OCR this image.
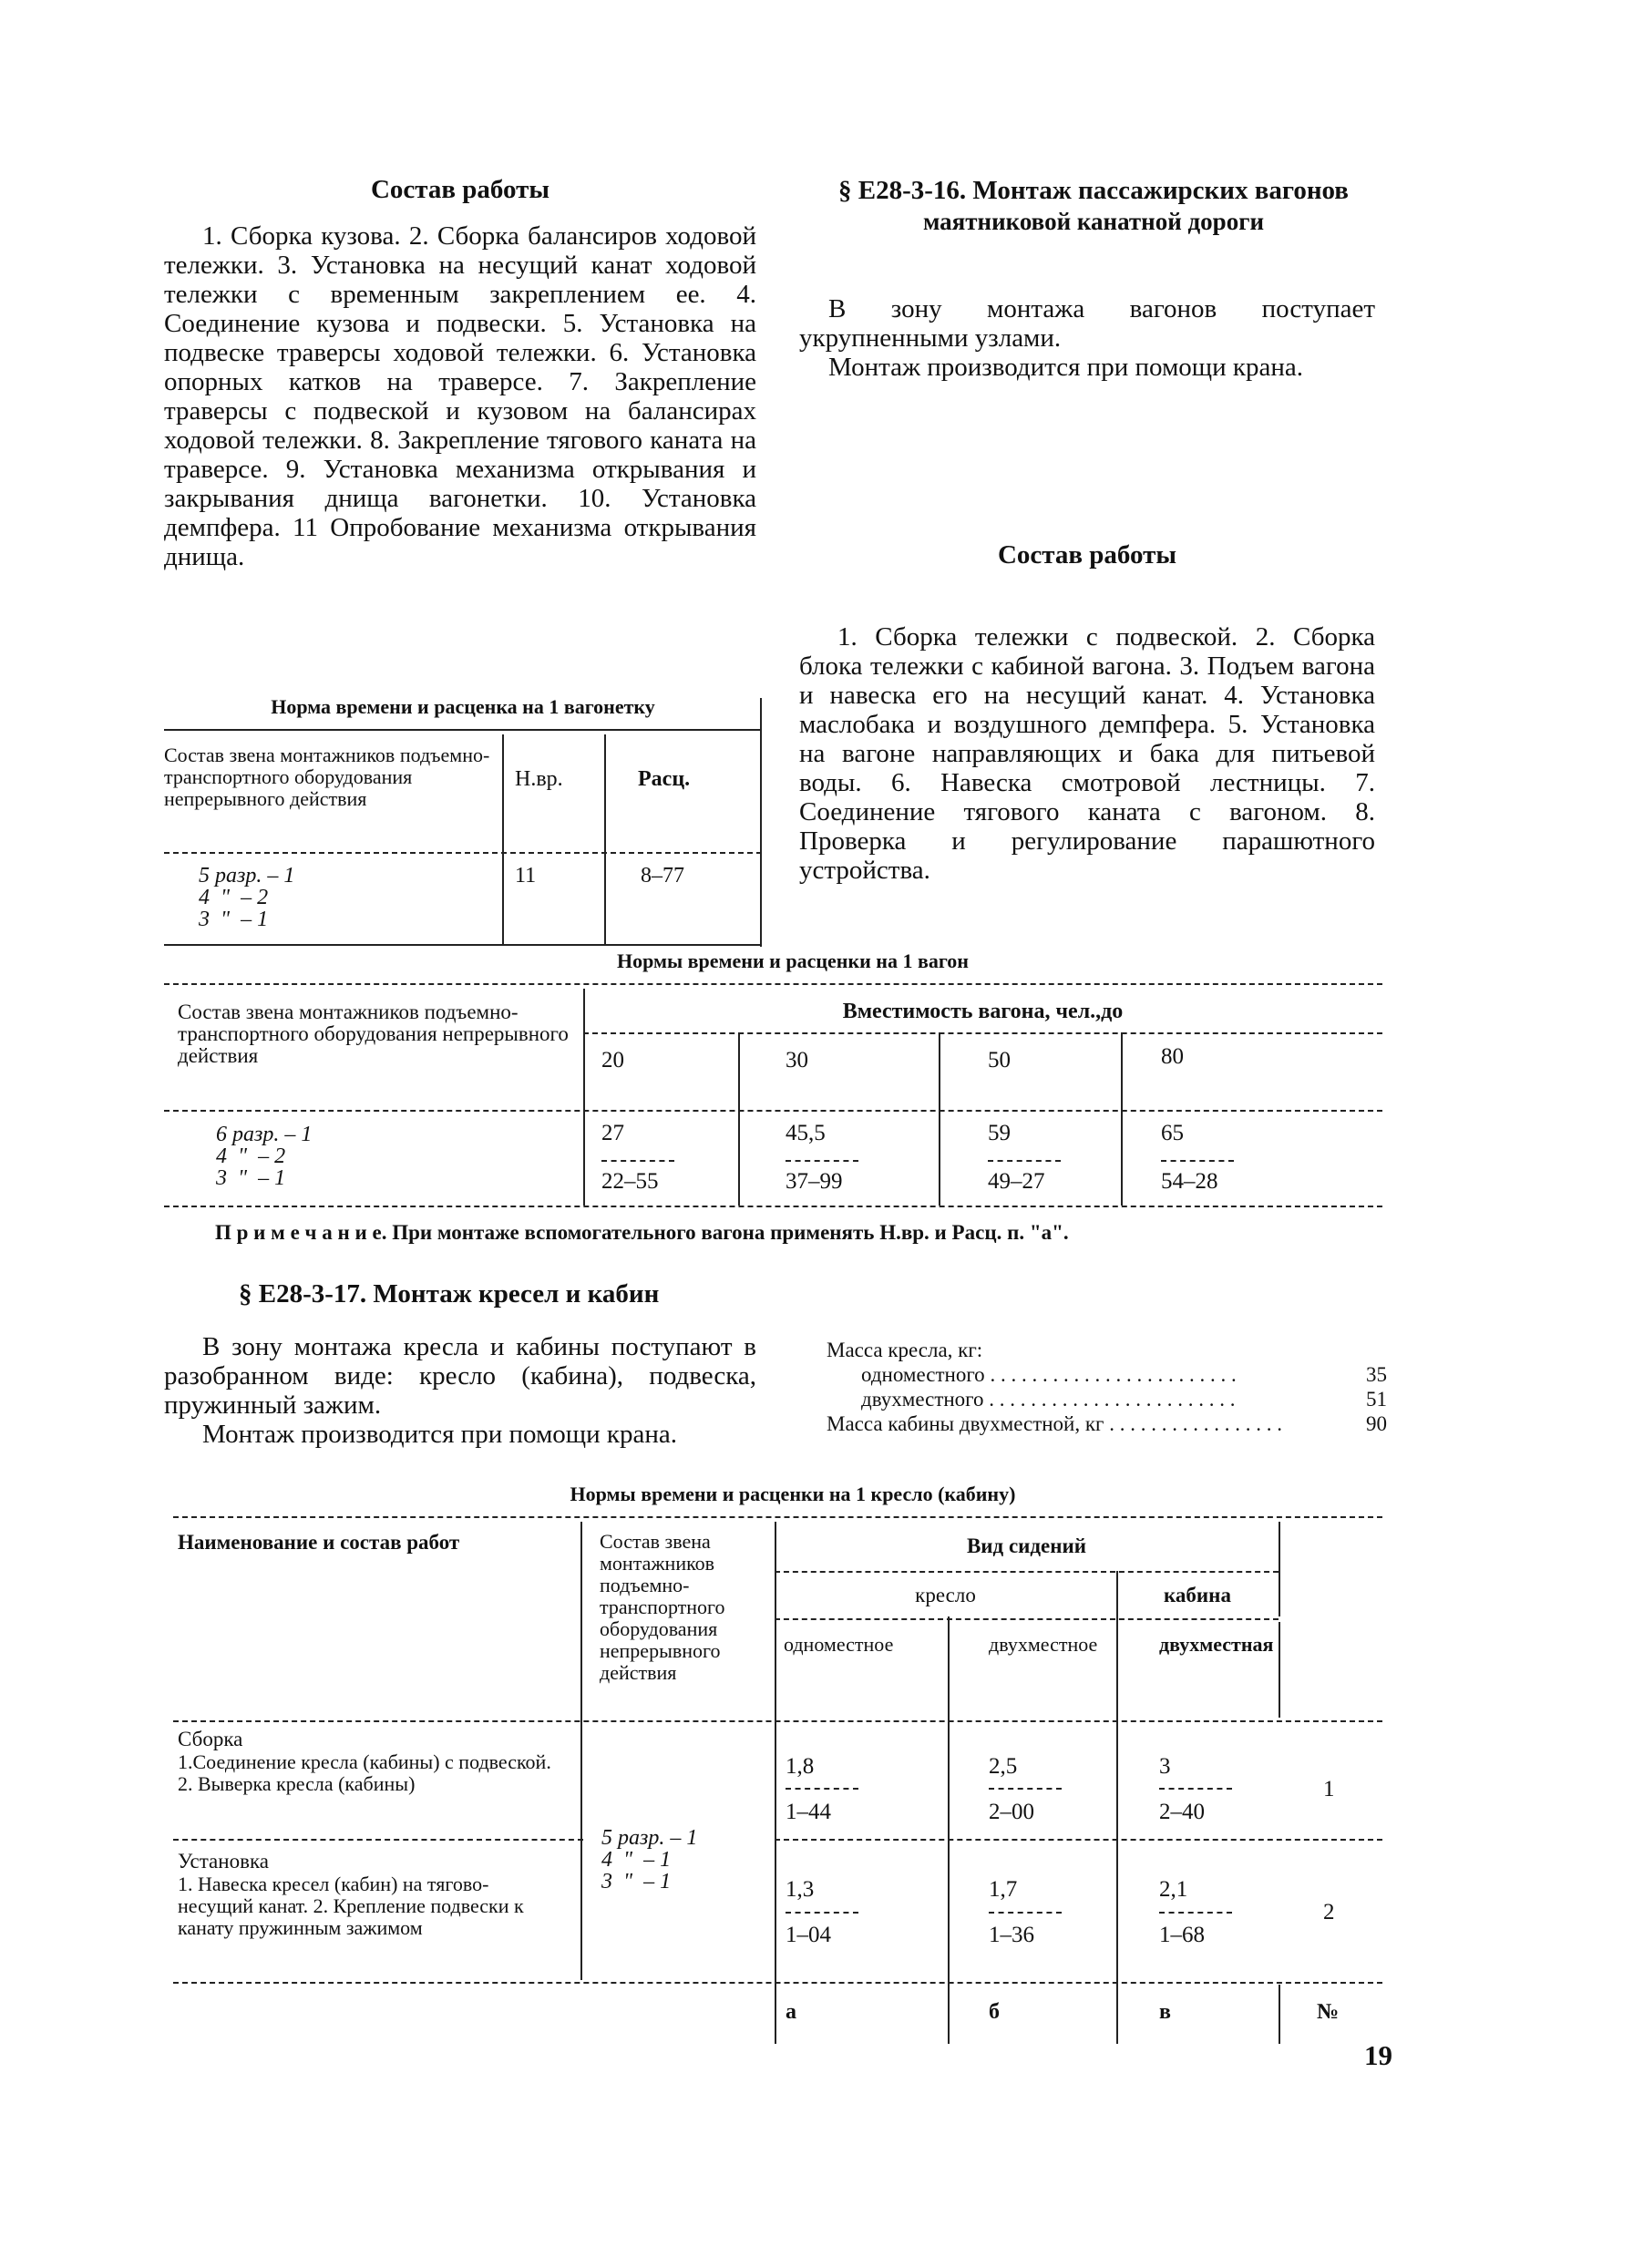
Состав работы
1. Сборка кузова. 2. Сборка балансиров ходовой тележки. 3. Установка на несущий канат ходовой тележки с временным закреплением ее. 4. Соединение кузова и подвески. 5. Установка на подвеске траверсы ходовой тележки. 6. Установка опорных катков на траверсе. 7. Закрепление траверсы с подвеской и кузовом на балансирах ходовой тележки. 8. Закрепление тягового каната на траверсе. 9. Установка механизма открывания и закрывания днища вагонетки. 10. Установка демпфера. 11 Опробование механизма открывания днища.
Норма времени и расценка на 1 вагонетку
Состав звена монтажников подъемно-транспортного оборудования непрерывного действия
Н.вр.	Расц.
5 разр. – 1
4  "  – 2
3  "  – 1
11	8–77
§ Е28-3-16. Монтаж пассажирских вагонов
маятниковой канатной дороги
В зону монтажа вагонов поступает укрупненными узлами.
Монтаж производится при помощи крана.
Состав работы
1. Сборка тележки с подвеской. 2. Сборка блока тележки с кабиной вагона. 3. Подъем вагона и навеска его на несущий канат. 4. Установка маслобака и воздушного демпфера. 5. Установка на вагоне направляющих и бака для питьевой воды. 6. Навеска смотровой лестницы. 7. Соединение тягового каната с вагоном. 8. Проверка и регулирование парашютного устройства.
Нормы времени и расценки на 1 вагон
Состав звена монтажников подъемно-транспортного оборудования непрерывного действия
Вместимость вагона, чел.,до
20	30	50	80
6 разр. – 1
4  "  – 2
3  "  – 1
27	45,5	59	65
22–55	37–99	49–27	54–28
П р и м е ч а н и е. При монтаже вспомогательного вагона применять Н.вр. и Расц. п. "а".
§ Е28-3-17. Монтаж кресел и кабин
В зону монтажа кресла и кабины поступают в разобранном виде: кресло (кабина), подвеска, пружинный зажим.
Монтаж производится при помощи крана.
Масса кресла, кг:
одноместного . . . . . . . . . . . . . . . . . . . . . . . .	35
двухместного . . . . . . . . . . . . . . . . . . . . . . . .	51
Масса кабины двухместной, кг . . . . . . . . . . . . . . . . .	90
Нормы времени и расценки на 1 кресло (кабину)
Наименование и состав работ	Состав звена монтажников подъемно-транспортного оборудования непрерывного действия
Вид сидений
кресло	кабина
одноместное	двухместное	двухместная
Сборка
1.Соединение кресла (кабины) с подвеской. 2. Выверка кресла (кабины)
Установка
1. Навеска кресел (кабин) на тягово-несущий канат. 2. Крепление подвески к канату пружинным зажимом
5 разр. – 1
4  "  – 1
3  "  – 1
1,8	2,5	3
1–44	2–00	2–40
1
1,3	1,7	2,1
1–04	1–36	1–68
2
а	б	в	№
19
